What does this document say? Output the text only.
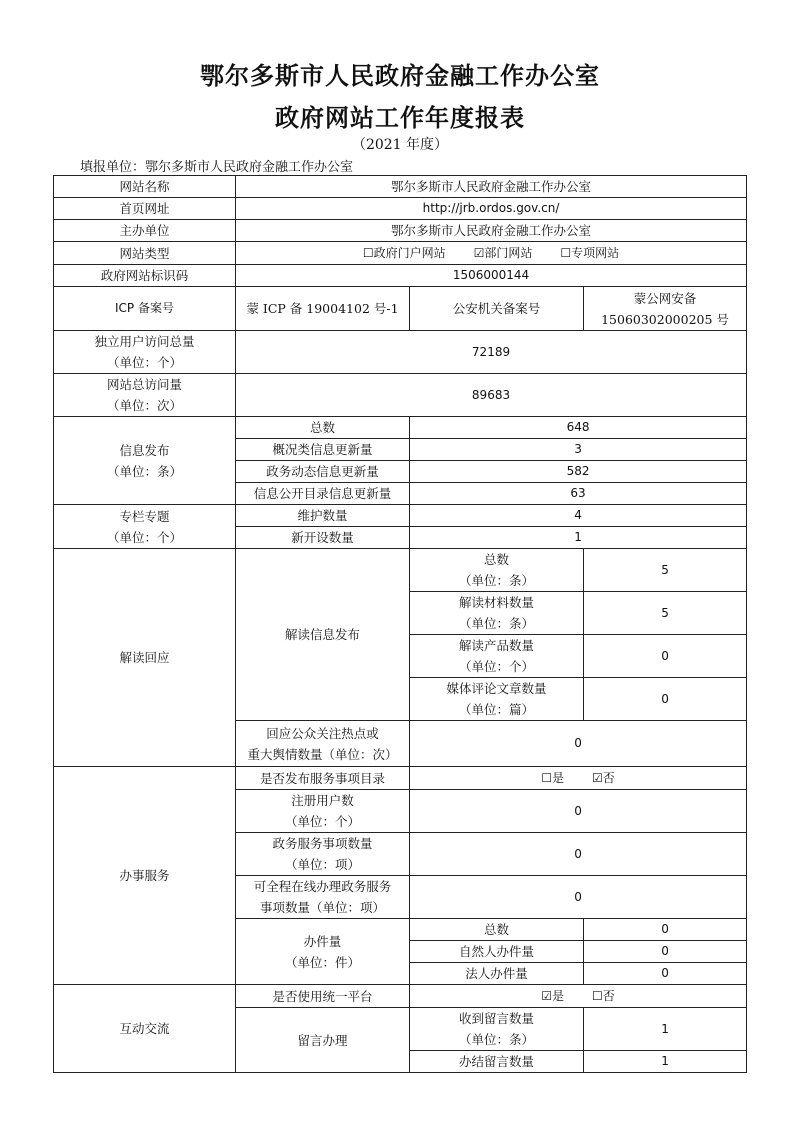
鄂尔多斯市人民政府金融工作办公室
政府网站工作年度报表
（2021 年度）
填报单位：鄂尔多斯市人民政府金融工作办公室
网站名称	鄂尔多斯市人民政府金融工作办公室		
首页网址	http://jrb.ordos.gov.cn/		
主办单位	鄂尔多斯市人民政府金融工作办公室		
网站类型	☐政府门户网站 ☑部门网站 ☐专项网站		
政府网站标识码	1506000144		
ICP 备案号	蒙 ICP 备 19004102 号-1	公安机关备案号	蒙公网安备
15060302000205 号
独立用户访问总量
（单位：个）	72189		
网站总访问量
（单位：次）	89683		
信息发布
（单位：条）	总数	648	
	概况类信息更新量	3	
	政务动态信息更新量	582	
	信息公开目录信息更新量	63	
专栏专题
（单位：个）	维护数量	4	
	新开设数量	1	
解读回应	解读信息发布	总数
（单位：条）	5
		解读材料数量
（单位：条）	5
		解读产品数量
（单位：个）	0
		媒体评论文章数量
（单位：篇）	0
	回应公众关注热点或
重大舆情数量（单位：次）	0	
办事服务	是否发布服务事项目录	☐是 ☑否	
	注册用户数
（单位：个）	0	
	政务服务事项数量
（单位：项）	0	
	可全程在线办理政务服务
事项数量（单位：项）	0	
	办件量
（单位：件）	总数	0
		自然人办件量	0
		法人办件量	0
互动交流	是否使用统一平台	☑是 ☐否	
	留言办理	收到留言数量
（单位：条）	1
		办结留言数量	1
